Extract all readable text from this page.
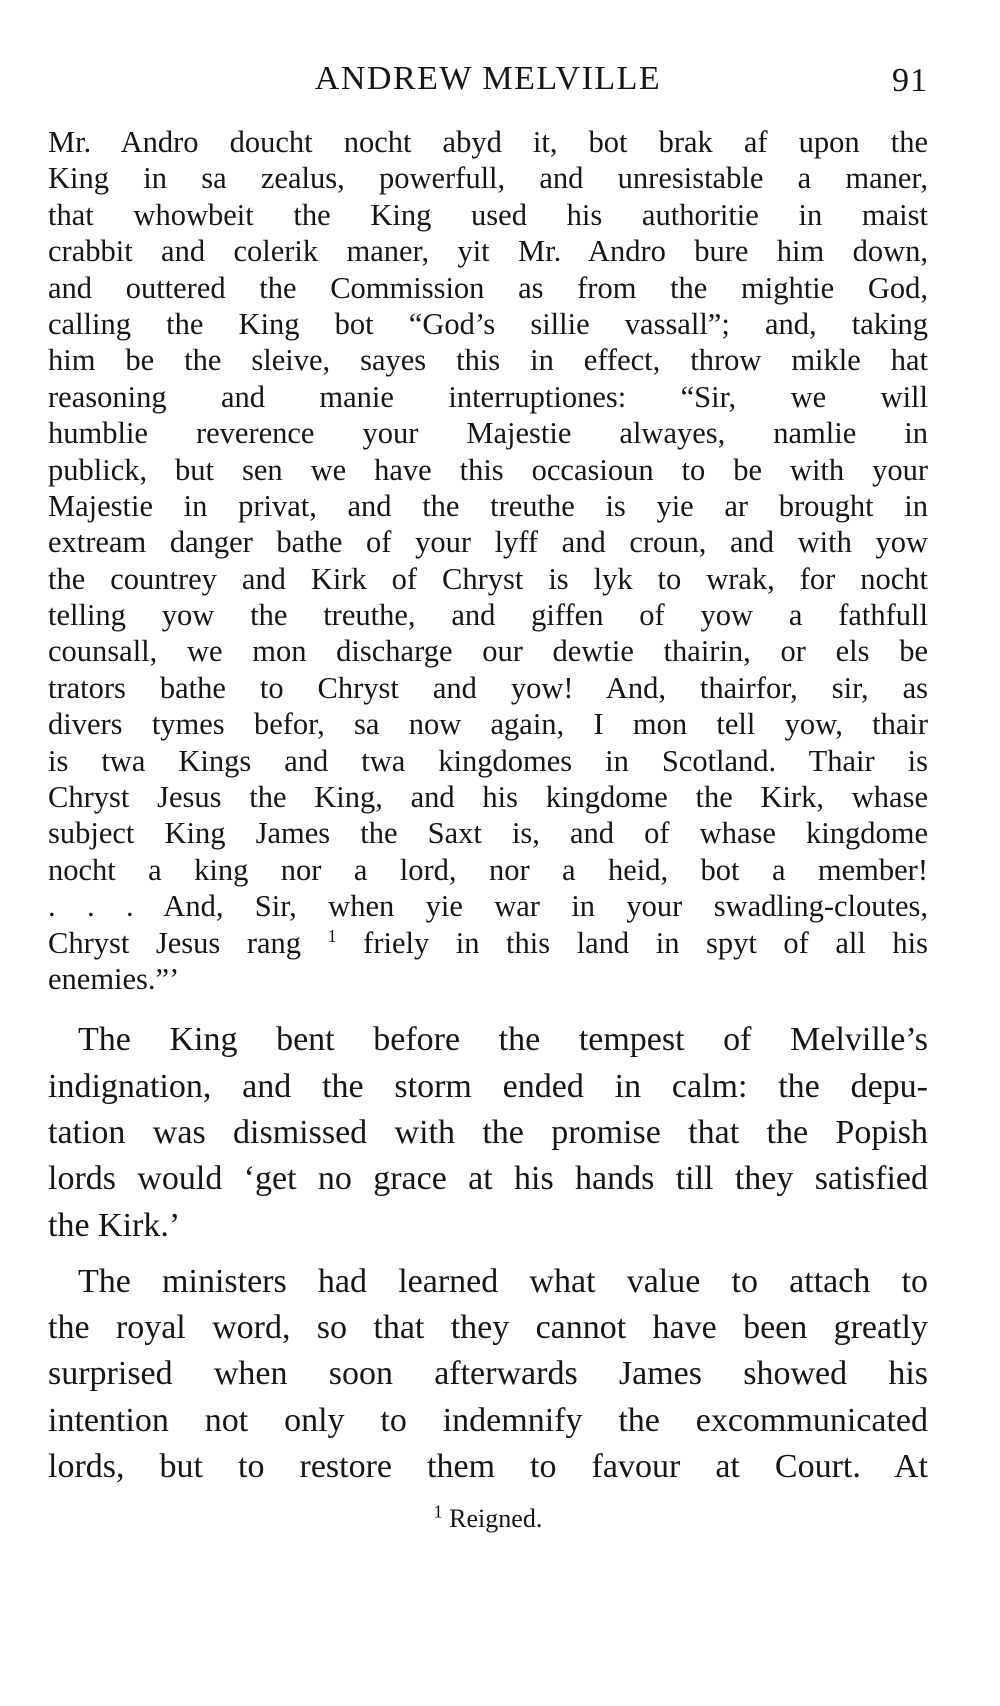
ANDREW MELVILLE	91
Mr. Andro doucht nocht abyd it, bot brak af upon the
King in sa zealus, powerfull, and unresistable a maner,
that whowbeit the King used his authoritie in maist
crabbit and colerik maner, yit Mr. Andro bure him down,
and outtered the Commission as from the mightie God,
calling the King bot “God’s sillie vassall”; and, taking
him be the sleive, sayes this in effect, throw mikle hat
reasoning and manie interruptiones: “Sir, we will
humblie reverence your Majestie alwayes, namlie in
publick, but sen we have this occasioun to be with your
Majestie in privat, and the treuthe is yie ar brought in
extream danger bathe of your lyff and croun, and with yow
the countrey and Kirk of Chryst is lyk to wrak, for nocht
telling yow the treuthe, and giffen of yow a fathfull
counsall, we mon discharge our dewtie thairin, or els be
trators bathe to Chryst and yow! And, thairfor, sir, as
divers tymes befor, sa now again, I mon tell yow, thair
is twa Kings and twa kingdomes in Scotland. Thair is
Chryst Jesus the King, and his kingdome the Kirk, whase
subject King James the Saxt is, and of whase kingdome
nocht a king nor a lord, nor a heid, bot a member!
. . . And, Sir, when yie war in your swadling-cloutes,
Chryst Jesus rang $^1$ friely in this land in spyt of all his
enemies.”’
The King bent before the tempest of Melville’s
indignation, and the storm ended in calm: the depu-
tation was dismissed with the promise that the Popish
lords would ‘get no grace at his hands till they satisfied
the Kirk.’
The ministers had learned what value to attach to
the royal word, so that they cannot have been greatly
surprised when soon afterwards James showed his
intention not only to indemnify the excommunicated
lords, but to restore them to favour at Court. At
$^1$ Reigned.
